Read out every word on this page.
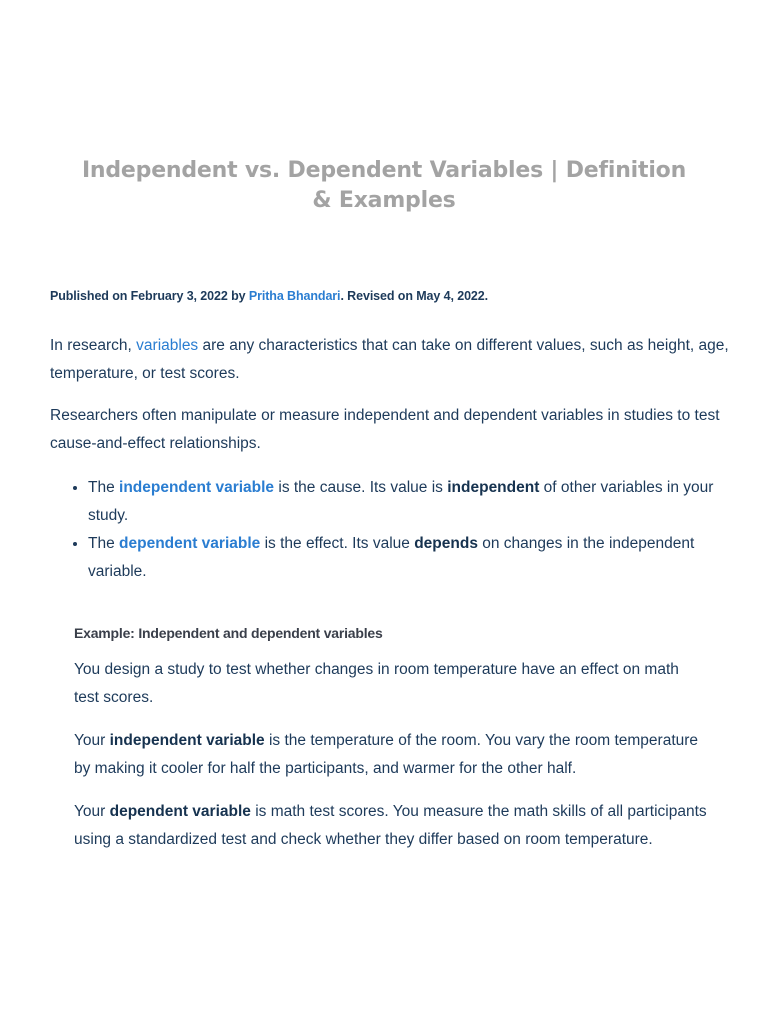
Independent vs. Dependent Variables | Definition & Examples

Published on February 3, 2022 by Pritha Bhandari. Revised on May 4, 2022.

In research, variables are any characteristics that can take on different values, such as height, age, temperature, or test scores.

Researchers often manipulate or measure independent and dependent variables in studies to test cause-and-effect relationships.

• The independent variable is the cause. Its value is independent of other variables in your study.
• The dependent variable is the effect. Its value depends on changes in the independent variable.

Example: Independent and dependent variables

You design a study to test whether changes in room temperature have an effect on math test scores.

Your independent variable is the temperature of the room. You vary the room temperature by making it cooler for half the participants, and warmer for the other half.

Your dependent variable is math test scores. You measure the math skills of all participants using a standardized test and check whether they differ based on room temperature.
